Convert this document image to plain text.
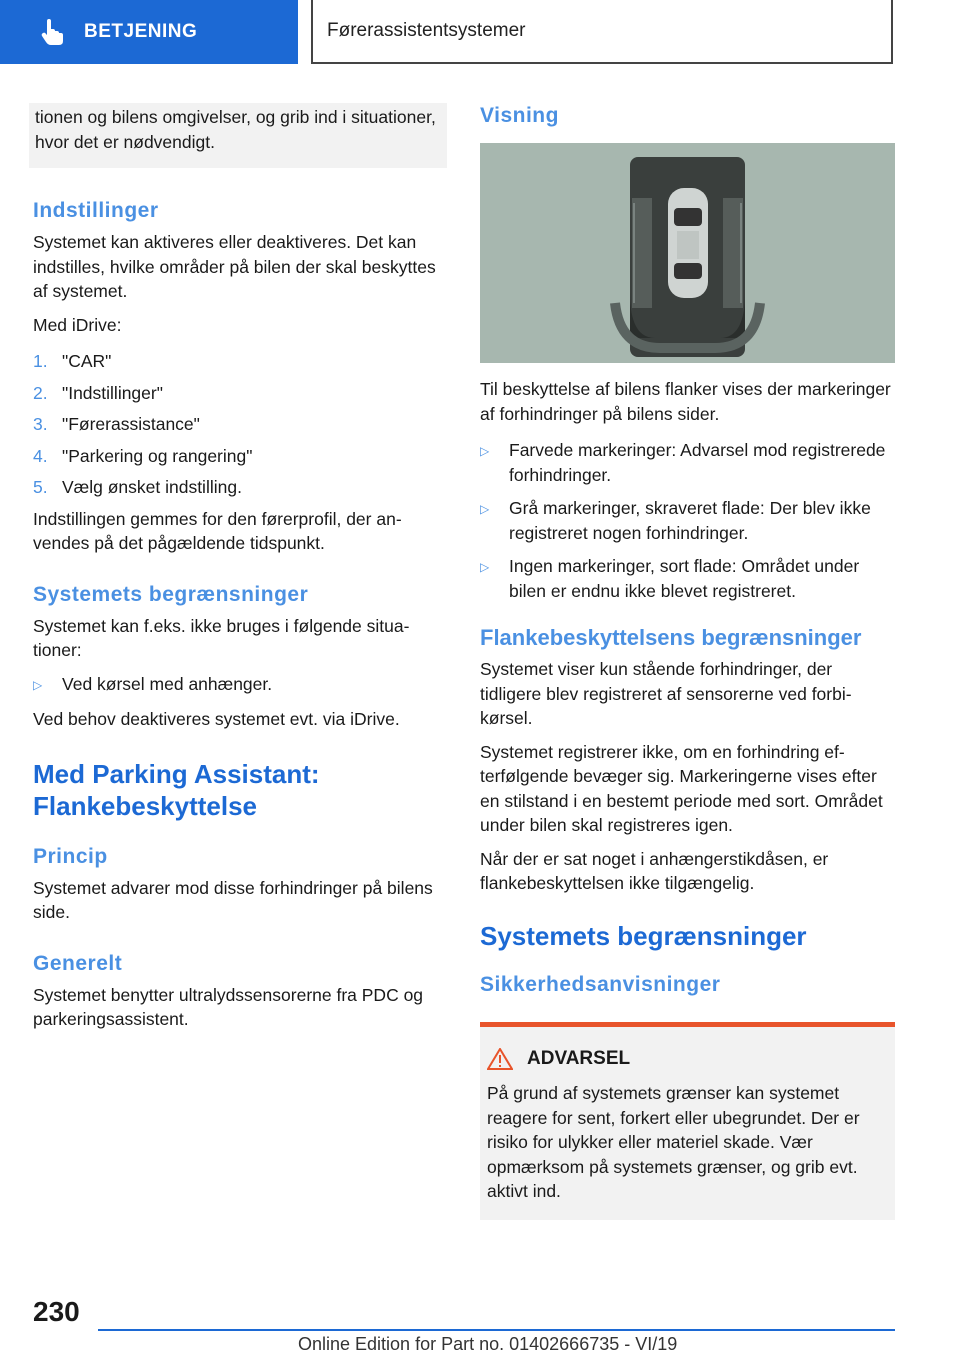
BETJENING	Førerassistentsystemer

tionen og bilens omgivelser, og grib ind i situationer, hvor det er nødvendigt.

Indstillinger

Systemet kan aktiveres eller deaktiveres. Det kan indstilles, hvilke områder på bilen der skal beskyttes af systemet.

Med iDrive:

1. "CAR"
2. "Indstillinger"
3. "Førerassistance"
4. "Parkering og rangering"
5. Vælg ønsket indstilling.

Indstillingen gemmes for den førerprofil, der anvendes på det pågældende tidspunkt.

Systemets begrænsninger

Systemet kan f.eks. ikke bruges i følgende situationer:

▷	Ved kørsel med anhænger.

Ved behov deaktiveres systemet evt. via iDrive.

Med Parking Assistant: Flankebeskyttelse
Princip

Systemet advarer mod disse forhindringer på bilens side.

Generelt

Systemet benytter ultralydssensorerne fra PDC og parkeringsassistent.

Visning

Til beskyttelse af bilens flanker vises der markeringer af forhindringer på bilens sider.

▷	Farvede markeringer: Advarsel mod registrerede forhindringer.
▷	Grå markeringer, skraveret flade: Der blev ikke registreret nogen forhindringer.
▷	Ingen markeringer, sort flade: Området under bilen er endnu ikke blevet registreret.
Flankebeskyttelsens begrænsninger

Systemet viser kun stående forhindringer, der tidligere blev registreret af sensorerne ved forbikørsel.

Systemet registrerer ikke, om en forhindring efterfølgende bevæger sig. Markeringerne vises efter en stilstand i en bestemt periode med sort. Området under bilen skal registreres igen.

Når der er sat noget i anhængerstikdåsen, er flankebeskyttelsen ikke tilgængelig.

Systemets begrænsninger
Sikkerhedsanvisninger
ADVARSEL

På grund af systemets grænser kan systemet reagere for sent, forkert eller ubegrundet. Der er risiko for ulykker eller materiel skade. Vær opmærksom på systemets grænser, og grib evt. aktivt ind.

230
Online Edition for Part no. 01402666735 - VI/19
